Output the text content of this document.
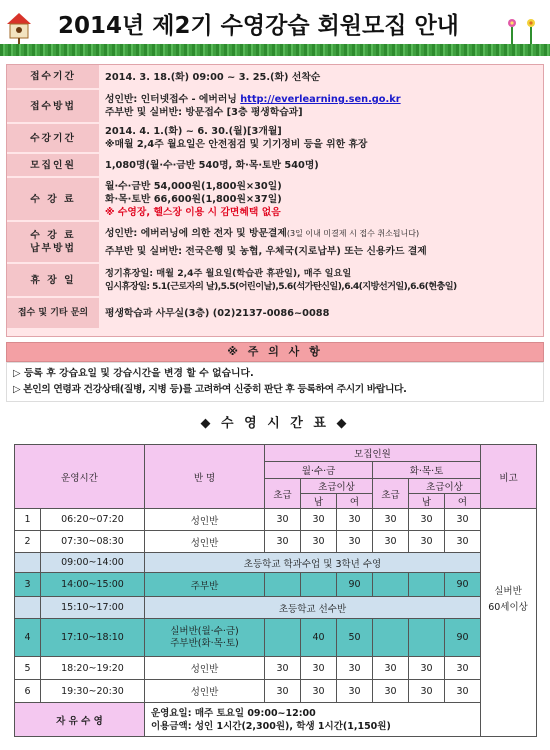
2014년 제2기 수영강습 회원모집 안내
접수기간	2014. 3. 18.(화) 09:00 ~ 3. 25.(화) 선착순
접수방법	성인반: 인터넷접수 - 에버러닝 http://everlearning.sen.go.kr
주부반 및 실버반: 방문접수 [3층 평생학습과]
수강기간	2014. 4. 1.(화) ~ 6. 30.(월)[3개월]
※매월 2,4주 월요일은 안전점검 및 기기정비 등을 위한 휴장
모집인원	1,080명(월·수·금반 540명, 화·목·토반 540명)
수 강 료	월·수·금반 54,000원(1,800원×30일)
화·목·토반 66,600원(1,800원×37일)
※ 수영장, 헬스장 이용 시 감면혜택 없음
수 강 료
납부방법	성인반: 에버러닝에 의한 전자 및 방문결제(3일 이내 미결제 시 접수 취소됩니다)
주부반 및 실버반: 전국은행 및 농협, 우체국(지로납부) 또는 신용카드 결제
휴 장 일	정기휴장일: 매월 2,4주 월요일(학습관 휴관일), 매주 일요일
임시휴장일: 5.1(근로자의 날),5.5(어린이날),5.6(석가탄신일),6.4(지방선거일),6.6(현충일)
접수 및 기타 문의	평생학습과 사무실(3층) (02)2137-0086~0088
※ 주 의 사 항

▷ 등록 후 강습요일 및 강습시간을 변경 할 수 없습니다.

▷ 본인의 연령과 건강상태(질병, 지병 등)를 고려하여 신중히 판단 후 등록하여 주시기 바랍니다.

◆ 수 영 시 간 표 ◆
운영시간		반 명	모집인원						비고
			월·수·금			화·목·토			
			초급	초급이상		초급	초급이상		
				남	여		남	여	
1	06:20~07:20	성인반	30	30	30	30	30	30	
2	07:30~08:30	성인반	30	30	30	30	30	30	
	09:00~14:00	초등학교 학과수업 및 3학년 수영							
3	14:00~15:00	주부반			90			90	
	15:10~17:00	초등학교 선수반							
4	17:10~18:10	실버반(월·수·금)
주부반(화·목·토)		40	50			90	
5	18:20~19:20	성인반	30	30	30	30	30	30	
6	19:30~20:30	성인반	30	30	30	30	30	30	
자 유 수 영		운영요일: 매주 토요일 09:00~12:00
이용금액: 성인 1시간(2,300원), 학생 1시간(1,150원)							
실버반
60세이상
